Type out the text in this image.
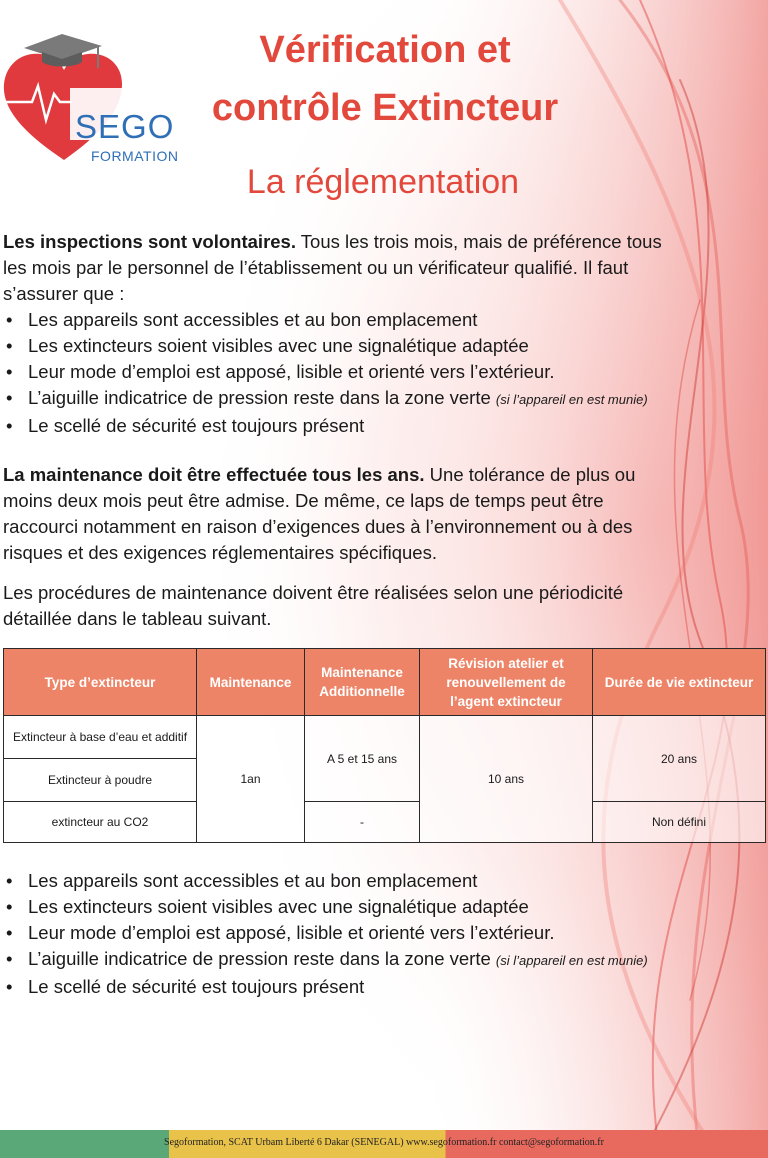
SEGO
FORMATION
Vérification et
contrôle Extincteur
La réglementation
Les inspections sont volontaires. Tous les trois mois, mais de préférence tous
les mois par le personnel de l’établissement ou un vérificateur qualifié. Il faut
s’assurer que :
• Les appareils sont accessibles et au bon emplacement
• Les extincteurs soient visibles avec une signalétique adaptée
• Leur mode d’emploi est apposé, lisible et orienté vers l’extérieur.
• L’aiguille indicatrice de pression reste dans la zone verte (si l’appareil en est munie)
• Le scellé de sécurité est toujours présent
La maintenance doit être effectuée tous les ans. Une tolérance de plus ou
moins deux mois peut être admise. De même, ce laps de temps peut être
raccourci notamment en raison d’exigences dues à l’environnement ou à des
risques et des exigences réglementaires spécifiques.
Les procédures de maintenance doivent être réalisées selon une périodicité
détaillée dans le tableau suivant.
Type d’extincteur	Maintenance	Maintenance Additionnelle	Révision atelier et renouvellement de l’agent extincteur	Durée de vie extincteur
Extincteur à base d’eau et additif	1an	A 5 et 15 ans	10 ans	20 ans
Extincteur à poudre				
extincteur au CO2		-		Non défini
• Les appareils sont accessibles et au bon emplacement
• Les extincteurs soient visibles avec une signalétique adaptée
• Leur mode d’emploi est apposé, lisible et orienté vers l’extérieur.
• L’aiguille indicatrice de pression reste dans la zone verte (si l’appareil en est munie)
• Le scellé de sécurité est toujours présent
Segoformation, SCAT Urbam Liberté 6 Dakar (SENEGAL) www.segoformation.fr contact@segoformation.fr
